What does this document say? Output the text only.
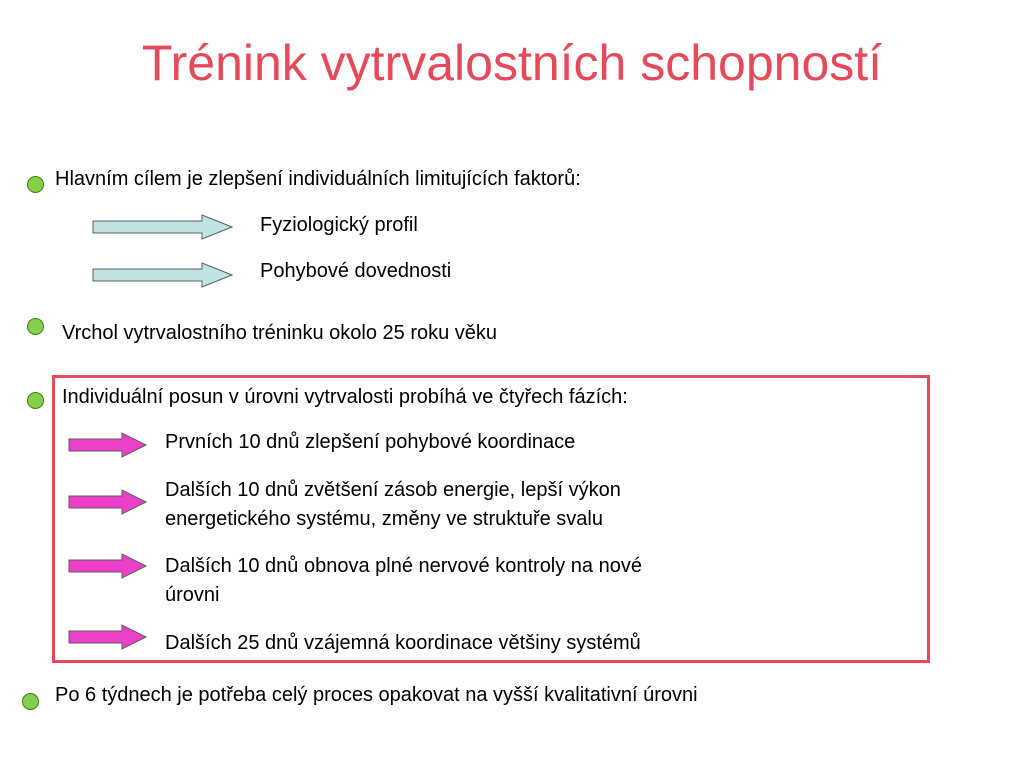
Trénink vytrvalostních schopností
Hlavním cílem je zlepšení individuálních limitujících faktorů:
Fyziologický profil
Pohybové dovednosti
Vrchol vytrvalostního tréninku okolo 25 roku věku
Individuální posun v úrovni vytrvalosti probíhá ve čtyřech fázích:
Prvních 10 dnů zlepšení pohybové koordinace
Dalších 10 dnů zvětšení zásob energie, lepší výkon
energetického systému, změny ve struktuře svalu
Dalších 10 dnů obnova plné nervové kontroly na nové
úrovni
Dalších 25 dnů vzájemná koordinace většiny systémů
Po 6 týdnech je potřeba celý proces opakovat na vyšší kvalitativní úrovni
